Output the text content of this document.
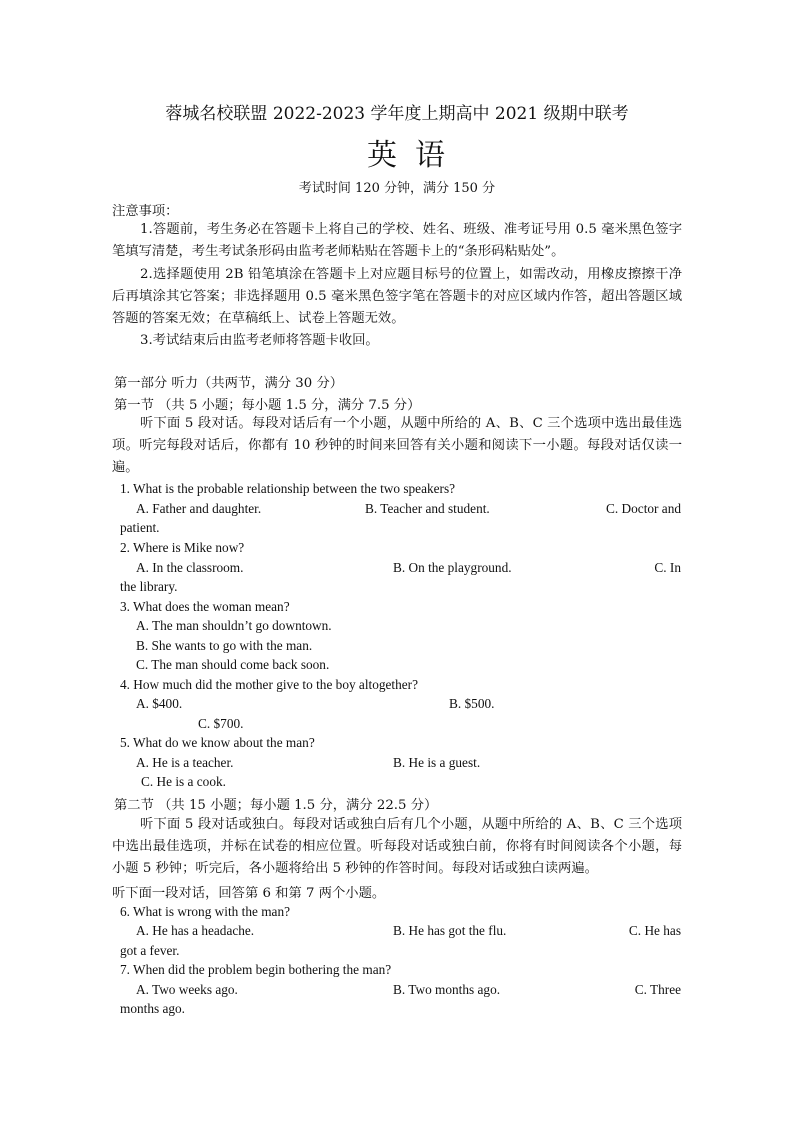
蓉城名校联盟 2022-2023 学年度上期高中 2021 级期中联考
英语
考试时间 120 分钟，满分 150 分
注意事项：
1.答题前，考生务必在答题卡上将自己的学校、姓名、班级、准考证号用 0.5 毫米黑色签字笔填写清楚，考生考试条形码由监考老师粘贴在答题卡上的“条形码粘贴处”。
2.选择题使用 2B 铅笔填涂在答题卡上对应题目标号的位置上，如需改动，用橡皮擦擦干净后再填涂其它答案；非选择题用 0.5 毫米黑色签字笔在答题卡的对应区域内作答，超出答题区域答题的答案无效；在草稿纸上、试卷上答题无效。
3.考试结束后由监考老师将答题卡收回。
第一部分 听力（共两节，满分 30 分）
第一节 （共 5 小题；每小题 1.5 分，满分 7.5 分）
听下面 5 段对话。每段对话后有一个小题，从题中所给的 A、B、C 三个选项中选出最佳选项。听完每段对话后，你都有 10 秒钟的时间来回答有关小题和阅读下一小题。每段对话仅读一遍。
1. What is the probable relationship between the two speakers?
A. Father and daughter.	B. Teacher and student.	C. Doctor and
patient.
2. Where is Mike now?
A. In the classroom.	B. On the playground.	C. In
the library.
3. What does the woman mean?
A. The man shouldn’t go downtown.
B. She wants to go with the man.
C. The man should come back soon.
4. How much did the mother give to the boy altogether?
A. $400.	B. $500.
C. $700.
5. What do we know about the man?
A. He is a teacher.	B. He is a guest.
C. He is a cook.
第二节 （共 15 小题；每小题 1.5 分，满分 22.5 分）
听下面 5 段对话或独白。每段对话或独白后有几个小题，从题中所给的 A、B、C 三个选项中选出最佳选项，并标在试卷的相应位置。听每段对话或独白前，你将有时间阅读各个小题，每小题 5 秒钟；听完后，各小题将给出 5 秒钟的作答时间。每段对话或独白读两遍。
听下面一段对话，回答第 6 和第 7 两个小题。
6. What is wrong with the man?
A. He has a headache.	B. He has got the flu.	C. He has
got a fever.
7. When did the problem begin bothering the man?
A. Two weeks ago.	B. Two months ago.	C. Three
months ago.
